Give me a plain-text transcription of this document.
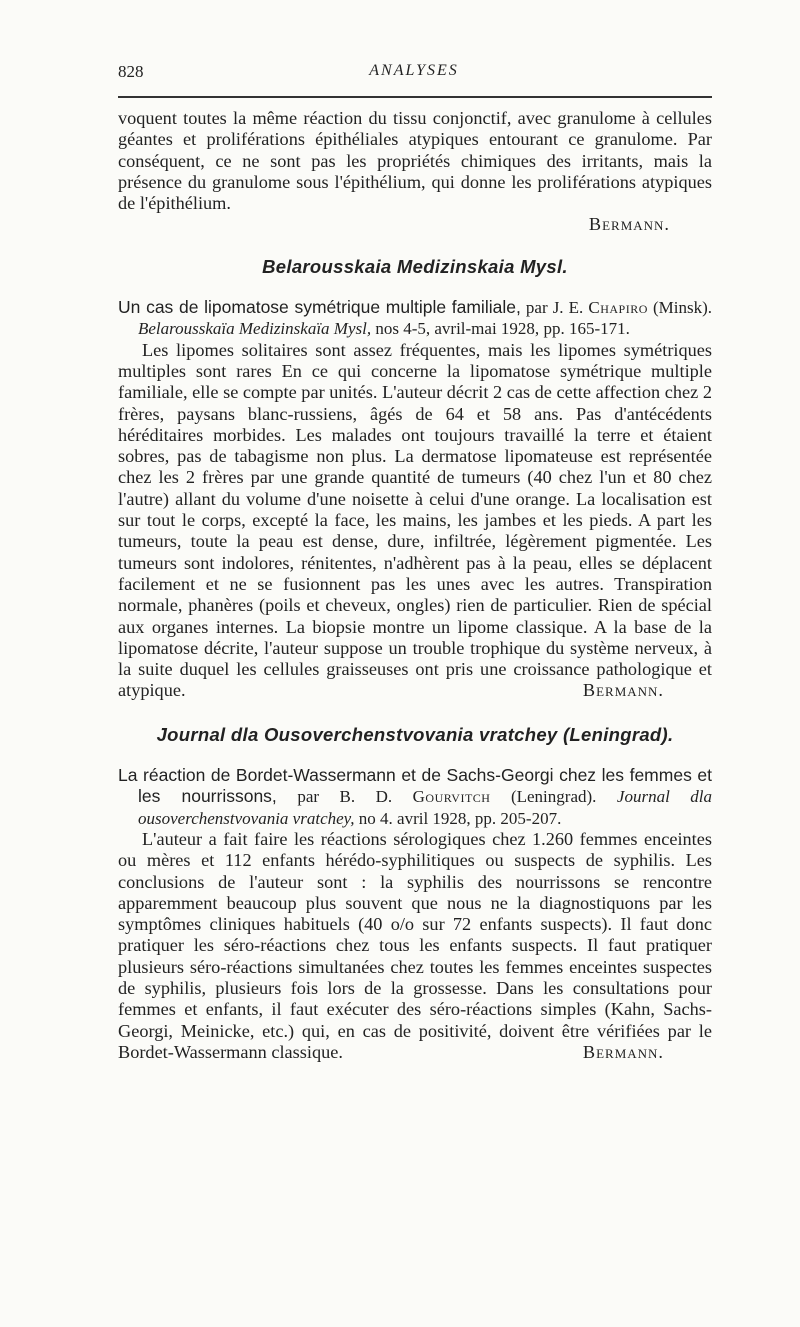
828	ANALYSES

voquent toutes la même réaction du tissu conjonctif, avec granulome à cellules géantes et proliférations épithéliales atypiques entourant ce granulome. Par conséquent, ce ne sont pas les propriétés chimiques des irritants, mais la présence du granulome sous l'épithélium, qui donne les proliférations atypiques de l'épithélium.

Bermann.

Belarousskaia Medizinskaia Mysl.

Un cas de lipomatose symétrique multiple familiale, par J. E. Chapiro (Minsk). Belarousskaïa Medizinskaïa Mysl, nos 4-5, avril-mai 1928, pp. 165-171.

Les lipomes solitaires sont assez fréquentes, mais les lipomes symétriques multiples sont rares En ce qui concerne la lipomatose symétrique multiple familiale, elle se compte par unités. L'auteur décrit 2 cas de cette affection chez 2 frères, paysans blanc-russiens, âgés de 64 et 58 ans. Pas d'antécédents héréditaires morbides. Les malades ont toujours travaillé la terre et étaient sobres, pas de tabagisme non plus. La dermatose lipomateuse est représentée chez les 2 frères par une grande quantité de tumeurs (40 chez l'un et 80 chez l'autre) allant du volume d'une noisette à celui d'une orange. La localisation est sur tout le corps, excepté la face, les mains, les jambes et les pieds. A part les tumeurs, toute la peau est dense, dure, infiltrée, légèrement pigmentée. Les tumeurs sont indolores, rénitentes, n'adhèrent pas à la peau, elles se déplacent facilement et ne se fusionnent pas les unes avec les autres. Transpiration normale, phanères (poils et cheveux, ongles) rien de particulier. Rien de spécial aux organes internes. La biopsie montre un lipome classique. A la base de la lipomatose décrite, l'auteur suppose un trouble trophique du système nerveux, à la suite duquel les cellules graisseuses ont pris une croissance pathologique et atypique.	Bermann.

Journal dla Ousoverchenstvovania vratchey (Leningrad).

La réaction de Bordet-Wassermann et de Sachs-Georgi chez les femmes et les nourrissons, par B. D. Gourvitch (Leningrad). Journal dla ousoverchenstvovania vratchey, no 4. avril 1928, pp. 205-207.

L'auteur a fait faire les réactions sérologiques chez 1.260 femmes enceintes ou mères et 112 enfants hérédo-syphilitiques ou suspects de syphilis. Les conclusions de l'auteur sont : la syphilis des nourrissons se rencontre apparemment beaucoup plus souvent que nous ne la diagnostiquons par les symptômes cliniques habituels (40 o/o sur 72 enfants suspects). Il faut donc pratiquer les séro-réactions chez tous les enfants suspects. Il faut pratiquer plusieurs séro-réactions simultanées chez toutes les femmes enceintes suspectes de syphilis, plusieurs fois lors de la grossesse. Dans les consultations pour femmes et enfants, il faut exécuter des séro-réactions simples (Kahn, Sachs-Georgi, Meinicke, etc.) qui, en cas de positivité, doivent être vérifiées par le Bordet-Wassermann classique.	Bermann.
